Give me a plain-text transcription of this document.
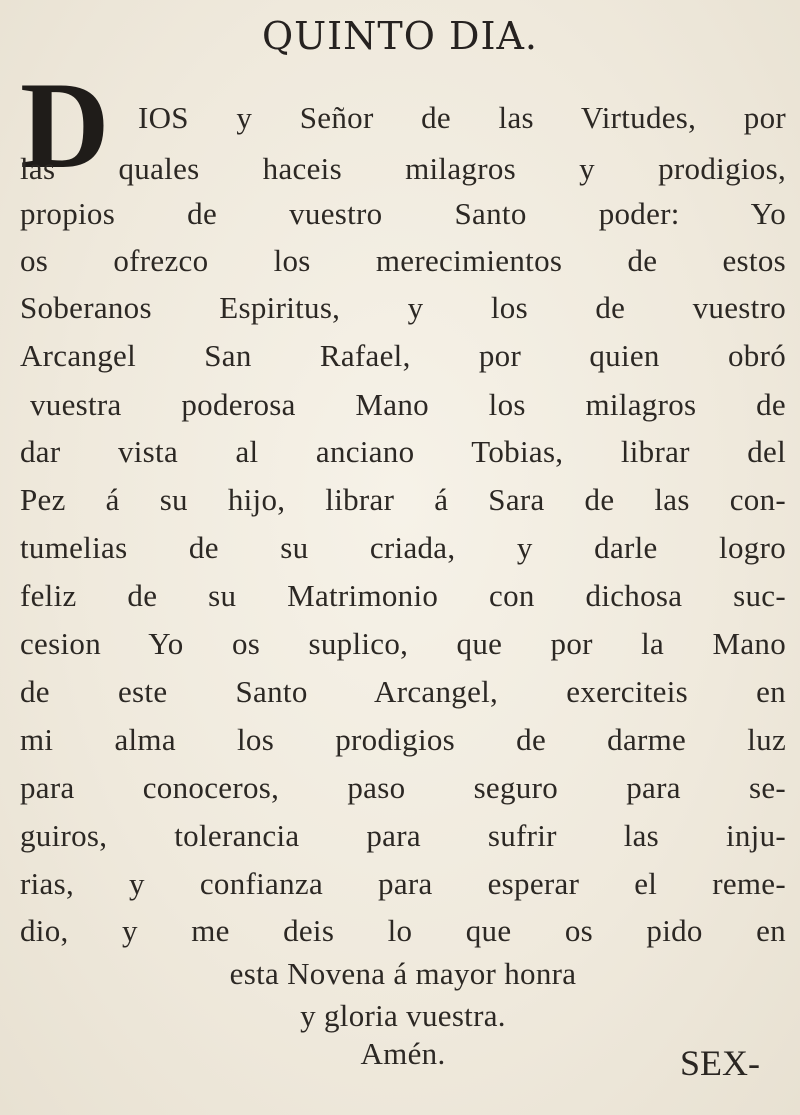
QUINTO DIA.
D IOS y Señor de las Virtudes, por
las quales haceis milagros y prodigios,
propios de vuestro Santo poder: Yo
os ofrezco los merecimientos de estos
Soberanos Espiritus, y los de vuestro
Arcangel San Rafael, por quien obró
vuestra poderosa Mano los milagros de
dar vista al anciano Tobias, librar del
Pez á su hijo, librar á Sara de las con-
tumelias de su criada, y darle logro
feliz de su Matrimonio con dichosa suc-
cesion Yo os suplico, que por la Mano
de este Santo Arcangel, exerciteis en
mi alma los prodigios de darme luz
para conoceros, paso seguro para se-
guiros, tolerancia para sufrir las inju-
rias, y confianza para esperar el reme-
dio, y me deis lo que os pido en
esta Novena á mayor honra
y gloria vuestra.
Amén.	SEX-
